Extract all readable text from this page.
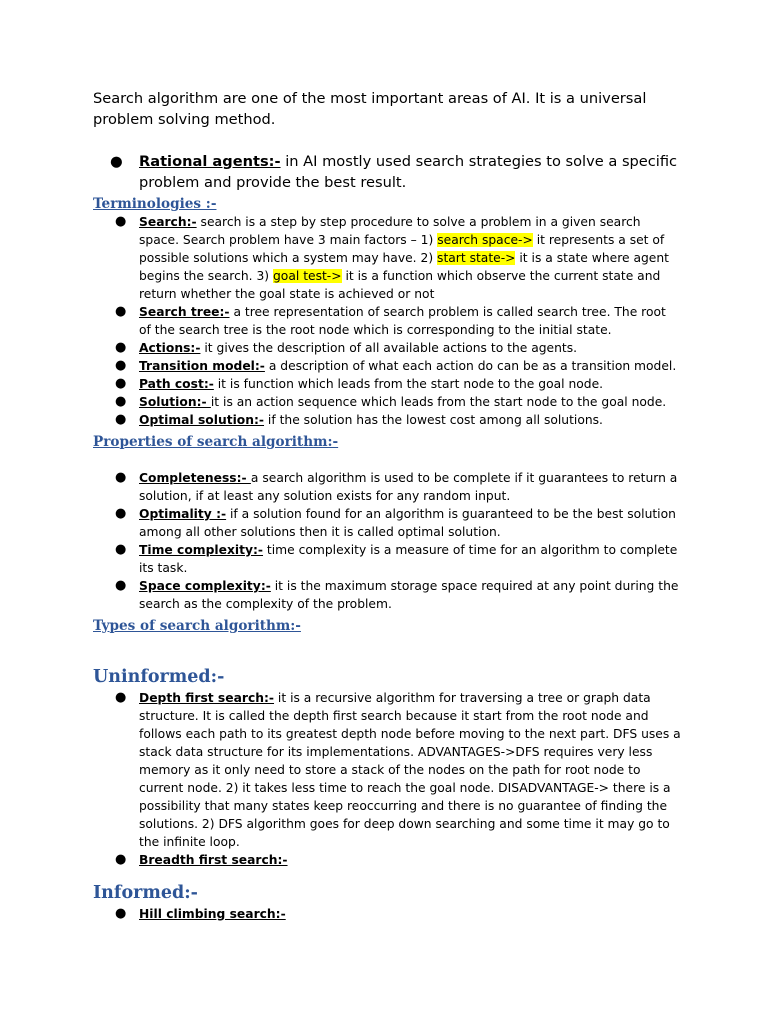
Search algorithm are one of the most important areas of AI. It is a universal problem solving method.

● Rational agents:- in AI mostly used search strategies to solve a specific problem and provide the best result.
Terminologies :-
● Search:- search is a step by step procedure to solve a problem in a given search space. Search problem have 3 main factors – 1) search space-> it represents a set of possible solutions which a system may have. 2) start state-> it is a state where agent begins the search. 3) goal test-> it is a function which observe the current state and return whether the goal state is achieved or not
● Search tree:- a tree representation of search problem is called search tree. The root of the search tree is the root node which is corresponding to the initial state.
● Actions:- it gives the description of all available actions to the agents.
● Transition model:- a description of what each action do can be as a transition model.
● Path cost:- it is function which leads from the start node to the goal node.
● Solution:- it is an action sequence which leads from the start node to the goal node.
● Optimal solution:- if the solution has the lowest cost among all solutions.
Properties of search algorithm:-
● Completeness:- a search algorithm is used to be complete if it guarantees to return a solution, if at least any solution exists for any random input.
● Optimality :- if a solution found for an algorithm is guaranteed to be the best solution among all other solutions then it is called optimal solution.
● Time complexity:- time complexity is a measure of time for an algorithm to complete its task.
● Space complexity:- it is the maximum storage space required at any point during the search as the complexity of the problem.
Types of search algorithm:-
Uninformed:-
● Depth first search:- it is a recursive algorithm for traversing a tree or graph data structure. It is called the depth first search because it start from the root node and follows each path to its greatest depth node before moving to the next part. DFS uses a stack data structure for its implementations. ADVANTAGES->DFS requires very less memory as it only need to store a stack of the nodes on the path for root node to current node. 2) it takes less time to reach the goal node. DISADVANTAGE-> there is a possibility that many states keep reoccurring and there is no guarantee of finding the solutions. 2) DFS algorithm goes for deep down searching and some time it may go to the infinite loop.
● Breadth first search:-
Informed:-
● Hill climbing search:-
